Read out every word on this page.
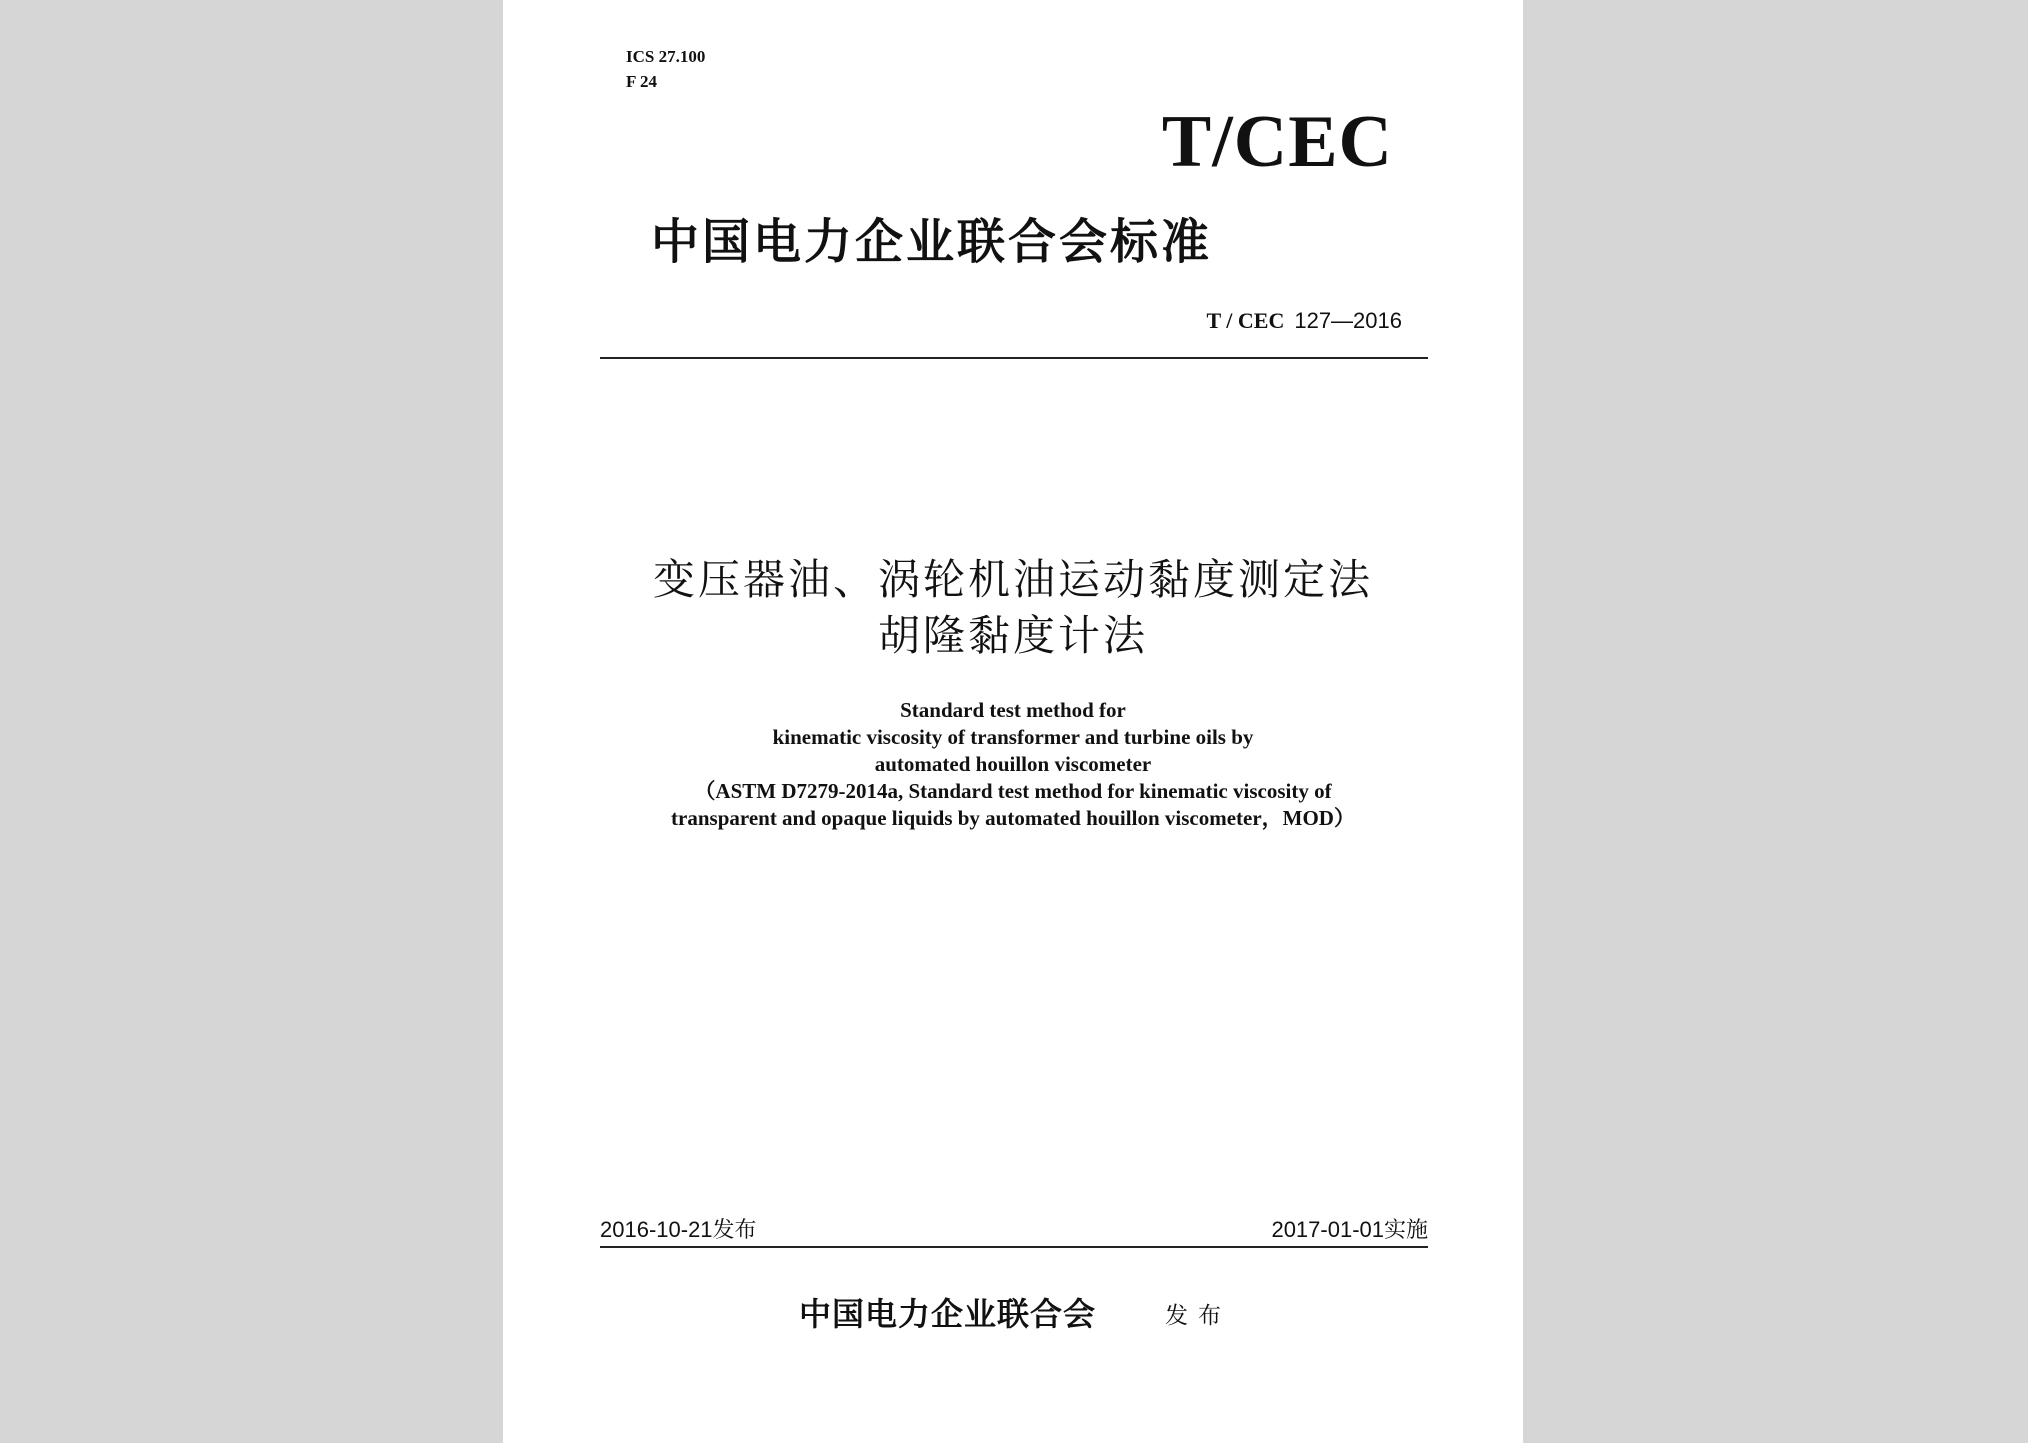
ICS 27.100

F 24

T/CEC

中国电力企业联合会标准

T / CEC 127—2016

变压器油、涡轮机油运动黏度测定法

胡隆黏度计法

Standard test method for

kinematic viscosity of transformer and turbine oils by

automated houillon viscometer

（ASTM D7279-2014a, Standard test method for kinematic viscosity of

transparent and opaque liquids by automated houillon viscometer，MOD）

2016-10-21发布	2017-01-01实施

中国电力企业联合会	发布
